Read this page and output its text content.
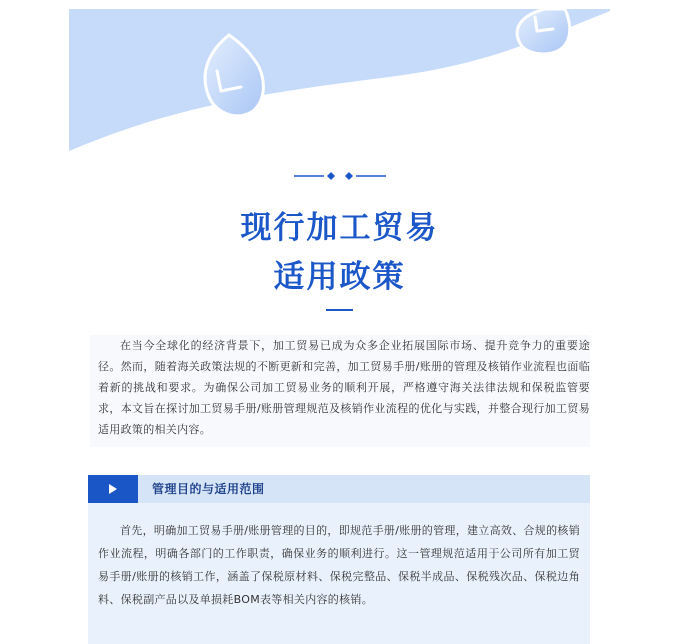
现行加工贸易
适用政策

在当今全球化的经济背景下，加工贸易已成为众多企业拓展国际市场、提升竞争力的重要途径。然而，随着海关政策法规的不断更新和完善，加工贸易手册/账册的管理及核销作业流程也面临着新的挑战和要求。为确保公司加工贸易业务的顺利开展，严格遵守海关法律法规和保税监管要求，本文旨在探讨加工贸易手册/账册管理规范及核销作业流程的优化与实践，并整合现行加工贸易适用政策的相关内容。

管理目的与适用范围

首先，明确加工贸易手册/账册管理的目的，即规范手册/账册的管理，建立高效、合规的核销作业流程，明确各部门的工作职责，确保业务的顺利进行。这一管理规范适用于公司所有加工贸易手册/账册的核销工作，涵盖了保税原材料、保税完整品、保税半成品、保税残次品、保税边角料、保税副产品以及单损耗BOM表等相关内容的核销。
